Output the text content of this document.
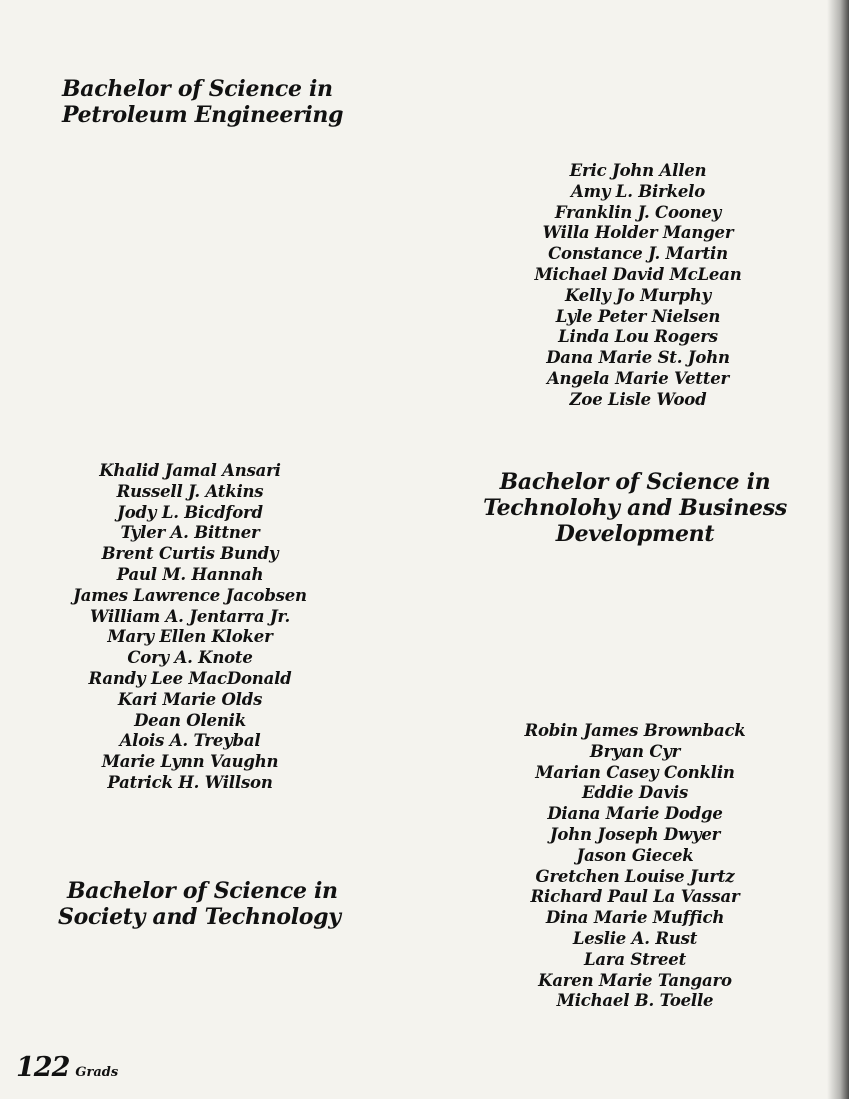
Bachelor of Science in
Petroleum Engineering
Eric John Allen
Amy L. Birkelo
Franklin J. Cooney
Willa Holder Manger
Constance J. Martin
Michael David McLean
Kelly Jo Murphy
Lyle Peter Nielsen
Linda Lou Rogers
Dana Marie St. John
Angela Marie Vetter
Zoe Lisle Wood
Khalid Jamal Ansari
Russell J. Atkins
Jody L. Bicdford
Tyler A. Bittner
Brent Curtis Bundy
Paul M. Hannah
James Lawrence Jacobsen
William A. Jentarra Jr.
Mary Ellen Kloker
Cory A. Knote
Randy Lee MacDonald
Kari Marie Olds
Dean Olenik
Alois A. Treybal
Marie Lynn Vaughn
Patrick H. Willson
Bachelor of Science in
Technolohy and Business
Development
Robin James Brownback
Bryan Cyr
Marian Casey Conklin
Eddie Davis
Diana Marie Dodge
John Joseph Dwyer
Jason Giecek
Gretchen Louise Jurtz
Richard Paul La Vassar
Dina Marie Muffich
Leslie A. Rust
Lara Street
Karen Marie Tangaro
Michael B. Toelle
Bachelor of Science in
Society and Technology
122 Grads
